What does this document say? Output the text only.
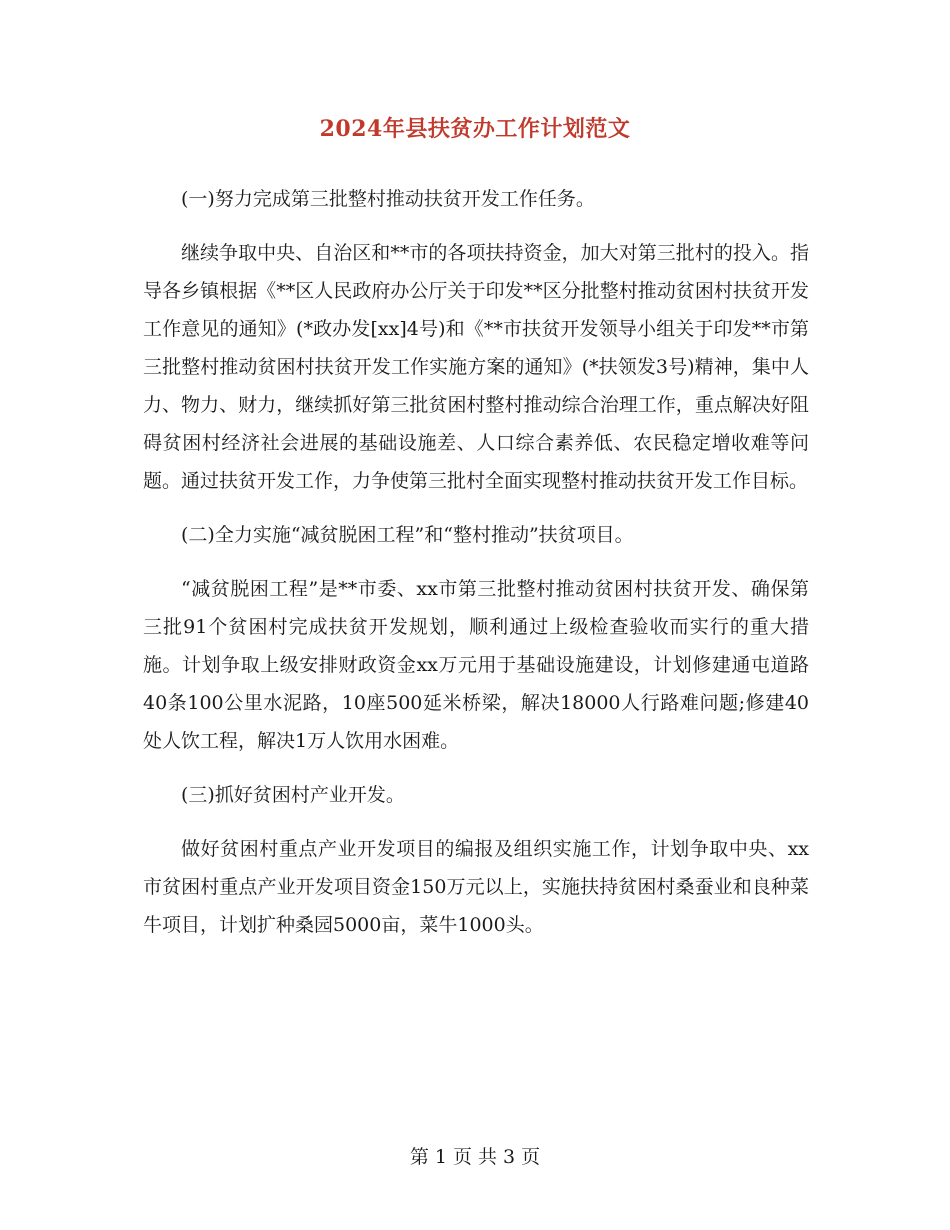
2024年县扶贫办工作计划范文

(一)努力完成第三批整村推动扶贫开发工作任务。

继续争取中央、自治区和**市的各项扶持资金，加大对第三批村的投入。指导各乡镇根据《**区人民政府办公厅关于印发**区分批整村推动贫困村扶贫开发工作意见的通知》(*政办发[xx]4号)和《**市扶贫开发领导小组关于印发**市第三批整村推动贫困村扶贫开发工作实施方案的通知》(*扶领发3号)精神，集中人力、物力、财力，继续抓好第三批贫困村整村推动综合治理工作，重点解决好阻碍贫困村经济社会进展的基础设施差、人口综合素养低、农民稳定增收难等问题。通过扶贫开发工作，力争使第三批村全面实现整村推动扶贫开发工作目标。

(二)全力实施“减贫脱困工程”和“整村推动”扶贫项目。

“减贫脱困工程”是**市委、xx市第三批整村推动贫困村扶贫开发、确保第三批91个贫困村完成扶贫开发规划，顺利通过上级检查验收而实行的重大措施。计划争取上级安排财政资金xx万元用于基础设施建设，计划修建通屯道路40条100公里水泥路，10座500延米桥梁，解决18000人行路难问题;修建40处人饮工程，解决1万人饮用水困难。

(三)抓好贫困村产业开发。

做好贫困村重点产业开发项目的编报及组织实施工作，计划争取中央、xx市贫困村重点产业开发项目资金150万元以上，实施扶持贫困村桑蚕业和良种菜牛项目，计划扩种桑园5000亩，菜牛1000头。

第 1 页 共 3 页
